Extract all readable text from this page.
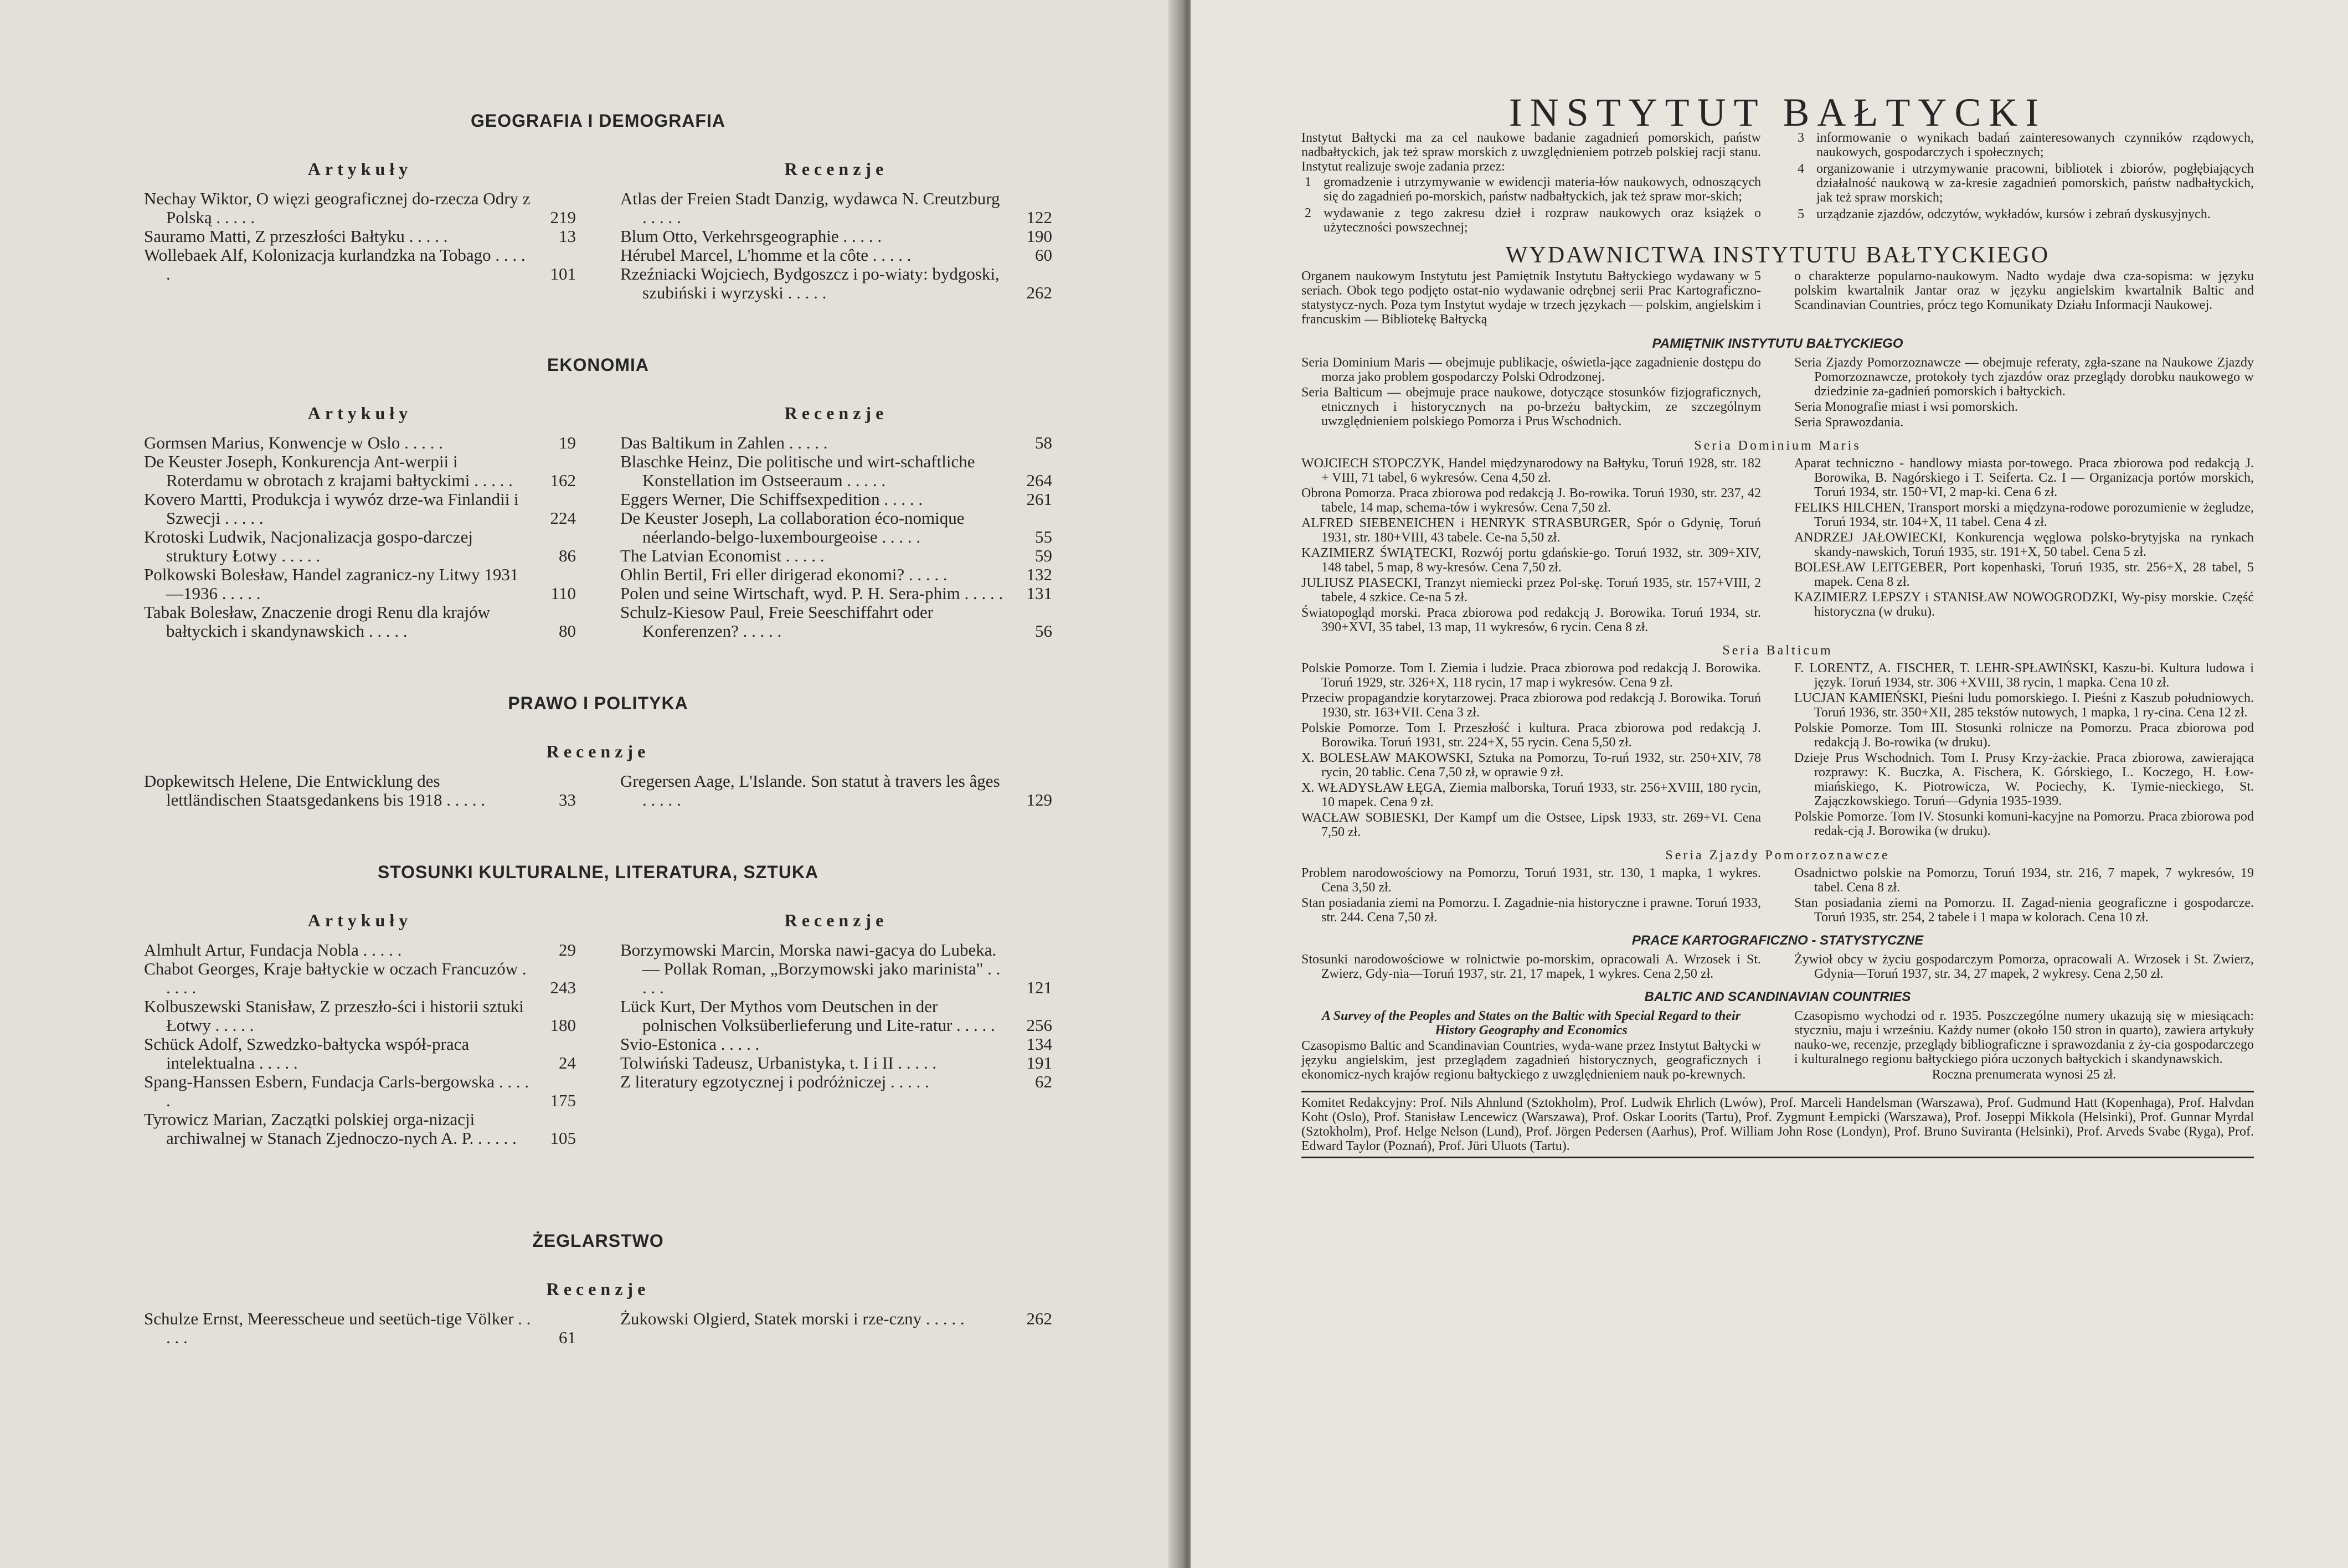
GEOGRAFIA I DEMOGRAFIA
Artykuły
Nechay Wiktor, O więzi geograficznej do-rzecza Odry z Polską . . . . .	219
Sauramo Matti, Z przeszłości Bałtyku . . . . .	13
Wollebaek Alf, Kolonizacja kurlandzka na Tobago . . . . .	101
Recenzje
Atlas der Freien Stadt Danzig, wydawca N. Creutzburg . . . . .	122
Blum Otto, Verkehrsgeographie . . . . .	190
Hérubel Marcel, L'homme et la côte . . . . .	60
Rzeźniacki Wojciech, Bydgoszcz i po-wiaty: bydgoski, szubiński i wyrzyski . . . . .	262
EKONOMIA
Artykuły
Gormsen Marius, Konwencje w Oslo . . . . .	19
De Keuster Joseph, Konkurencja Ant-werpii i Roterdamu w obrotach z krajami bałtyckimi . . . . . 162
Kovero Martti, Produkcja i wywóz drze-wa Finlandii i Szwecji . . . . .	224
Krotoski Ludwik, Nacjonalizacja gospo-darczej struktury Łotwy . . . . .	86
Polkowski Bolesław, Handel zagranicz-ny Litwy 1931—1936 . . . . .	110
Tabak Bolesław, Znaczenie drogi Renu dla krajów bałtyckich i skandynawskich . . . . .	80
Recenzje
Das Baltikum in Zahlen . . . . .	58
Blaschke Heinz, Die politische und wirt-schaftliche Konstellation im Ostseeraum . . . . .	264
Eggers Werner, Die Schiffsexpedition . . . . .	261
De Keuster Joseph, La collaboration éco-nomique néerlando-belgo-luxembourgeoise . . . . .	55
The Latvian Economist . . . . .	59
Ohlin Bertil, Fri eller dirigerad ekonomi? . . . . .	132
Polen und seine Wirtschaft, wyd. P. H. Sera-phim . . . . . 131
Schulz-Kiesow Paul, Freie Seeschiffahrt oder Konferenzen? . . . . .	56
PRAWO I POLITYKA
Recenzje
Dopkewitsch Helene, Die Entwicklung des lettländischen Staatsgedankens bis 1918 . . . . .	33
Gregersen Aage, L'Islande. Son statut à travers les âges . . . . .	129
STOSUNKI KULTURALNE, LITERATURA, SZTUKA
Artykuły
Almhult Artur, Fundacja Nobla . . . . .	29
Chabot Georges, Kraje bałtyckie w oczach Francuzów . . . . .	243
Kolbuszewski Stanisław, Z przeszło-ści i historii sztuki Łotwy . . . . .	180
Schück Adolf, Szwedzko-bałtycka współ-praca intelektualna . . . . .	24
Spang-Hanssen Esbern, Fundacja Carls-bergowska . . . . .	175
Tyrowicz Marian, Zaczątki polskiej orga-nizacji archiwalnej w Stanach Zjednoczo-nych A. P. . . . . . 105
Recenzje
Borzymowski Marcin, Morska nawi-gacya do Lubeka. — Pollak Roman, „Borzymowski jako marinista" . . . . .	121
Lück Kurt, Der Mythos vom Deutschen in der polnischen Volksüberlieferung und Lite-ratur . . . . . 256
Svio-Estonica . . . . .	134
Tolwiński Tadeusz, Urbanistyka, t. I i II . . . . .	191
Z literatury egzotycznej i podróżniczej . . . . .	62
ŻEGLARSTWO
Recenzje
Schulze Ernst, Meeresscheue und seetüch-tige Völker . . . . .	61
Żukowski Olgierd, Statek morski i rze-czny . . . . .	262
INSTYTUT BAŁTYCKI

Instytut Bałtycki ma za cel naukowe badanie zagadnień pomorskich, państw nadbałtyckich, jak też spraw morskich z uwzględnieniem potrzeb polskiej racji stanu. Instytut realizuje swoje zadania przez:

1 gromadzenie i utrzymywanie w ewidencji materia-łów naukowych, odnoszących się do zagadnień po-morskich, państw nadbałtyckich, jak też spraw mor-skich;
2 wydawanie z tego zakresu dzieł i rozpraw naukowych oraz książek o użyteczności powszechnej;
3 informowanie o wynikach badań zainteresowanych czynników rządowych, naukowych, gospodarczych i społecznych;
4 organizowanie i utrzymywanie pracowni, bibliotek i zbiorów, pogłębiających działalność naukową w za-kresie zagadnień pomorskich, państw nadbałtyckich, jak też spraw morskich;
5 urządzanie zjazdów, odczytów, wykładów, kursów i zebrań dyskusyjnych.
WYDAWNICTWA INSTYTUTU BAŁTYCKIEGO

Organem naukowym Instytutu jest Pamiętnik Instytutu Bałtyckiego wydawany w 5 seriach. Obok tego podjęto ostat-nio wydawanie odrębnej serii Prac Kartograficzno-statystycz-nych. Poza tym Instytut wydaje w trzech językach — polskim, angielskim i francuskim — Bibliotekę Bałtycką

o charakterze popularno-naukowym. Nadto wydaje dwa cza-sopisma: w języku polskim kwartalnik Jantar oraz w języku angielskim kwartalnik Baltic and Scandinavian Countries, prócz tego Komunikaty Działu Informacji Naukowej.

PAMIĘTNIK INSTYTUTU BAŁTYCKIEGO

Seria Dominium Maris — obejmuje publikacje, oświetla-jące zagadnienie dostępu do morza jako problem gospodarczy Polski Odrodzonej.

Seria Balticum — obejmuje prace naukowe, dotyczące stosunków fizjograficznych, etnicznych i historycznych na po-brzeżu bałtyckim, ze szczególnym uwzględnieniem polskiego Pomorza i Prus Wschodnich.

Seria Zjazdy Pomorzoznawcze — obejmuje referaty, zgła-szane na Naukowe Zjazdy Pomorzoznawcze, protokoły tych zjazdów oraz przeglądy dorobku naukowego w dziedzinie za-gadnień pomorskich i bałtyckich.

Seria Monografie miast i wsi pomorskich.

Seria Sprawozdania.

Seria Dominium Maris

WOJCIECH STOPCZYK, Handel międzynarodowy na Bałtyku, Toruń 1928, str. 182 + VIII, 71 tabel, 6 wykresów. Cena 4,50 zł.

Obrona Pomorza. Praca zbiorowa pod redakcją J. Bo-rowika. Toruń 1930, str. 237, 42 tabele, 14 map, schema-tów i wykresów. Cena 7,50 zł.

ALFRED SIEBENEICHEN i HENRYK STRASBURGER, Spór o Gdynię, Toruń 1931, str. 180+VIII, 43 tabele. Ce-na 5,50 zł.

KAZIMIERZ ŚWIĄTECKI, Rozwój portu gdańskie-go. Toruń 1932, str. 309+XIV, 148 tabel, 5 map, 8 wy-kresów. Cena 7,50 zł.

JULIUSZ PIASECKI, Tranzyt niemiecki przez Pol-skę. Toruń 1935, str. 157+VIII, 2 tabele, 4 szkice. Ce-na 5 zł.

Światopogląd morski. Praca zbiorowa pod redakcją J. Borowika. Toruń 1934, str. 390+XVI, 35 tabel, 13 map, 11 wykresów, 6 rycin. Cena 8 zł.

Aparat techniczno - handlowy miasta por-towego. Praca zbiorowa pod redakcją J. Borowika, B. Nagórskiego i T. Seiferta. Cz. I — Organizacja portów morskich, Toruń 1934, str. 150+VI, 2 map-ki. Cena 6 zł.

FELIKS HILCHEN, Transport morski a międzyna-rodowe porozumienie w żegludze, Toruń 1934, str. 104+X, 11 tabel. Cena 4 zł.

ANDRZEJ JAŁOWIECKI, Konkurencja węglowa polsko-brytyjska na rynkach skandy-nawskich, Toruń 1935, str. 191+X, 50 tabel. Cena 5 zł.

BOLESŁAW LEITGEBER, Port kopenhaski, Toruń 1935, str. 256+X, 28 tabel, 5 mapek. Cena 8 zł.

KAZIMIERZ LEPSZY i STANISŁAW NOWOGRODZKI, Wy-pisy morskie. Część historyczna (w druku).

Seria Balticum

Polskie Pomorze. Tom I. Ziemia i ludzie. Praca zbiorowa pod redakcją J. Borowika. Toruń 1929, str. 326+X, 118 rycin, 17 map i wykresów. Cena 9 zł.

Przeciw propagandzie korytarzowej. Praca zbiorowa pod redakcją J. Borowika. Toruń 1930, str. 163+VII. Cena 3 zł.

Polskie Pomorze. Tom I. Przeszłość i kultura. Praca zbiorowa pod redakcją J. Borowika. Toruń 1931, str. 224+X, 55 rycin. Cena 5,50 zł.

X. BOLESŁAW MAKOWSKI, Sztuka na Pomorzu, To-ruń 1932, str. 250+XIV, 78 rycin, 20 tablic. Cena 7,50 zł, w oprawie 9 zł.

X. WŁADYSŁAW ŁĘGA, Ziemia malborska, Toruń 1933, str. 256+XVIII, 180 rycin, 10 mapek. Cena 9 zł.

WACŁAW SOBIESKI, Der Kampf um die Ostsee, Lipsk 1933, str. 269+VI. Cena 7,50 zł.

F. LORENTZ, A. FISCHER, T. LEHR-SPŁAWIŃSKI, Kaszu-bi. Kultura ludowa i język. Toruń 1934, str. 306 +XVIII, 38 rycin, 1 mapka. Cena 10 zł.

LUCJAN KAMIEŃSKI, Pieśni ludu pomorskiego. I. Pieśni z Kaszub południowych. Toruń 1936, str. 350+XII, 285 tekstów nutowych, 1 mapka, 1 ry-cina. Cena 12 zł.

Polskie Pomorze. Tom III. Stosunki rolnicze na Pomorzu. Praca zbiorowa pod redakcją J. Bo-rowika (w druku).

Dzieje Prus Wschodnich. Tom I. Prusy Krzy-żackie. Praca zbiorowa, zawierająca rozprawy: K. Buczka, A. Fischera, K. Górskiego, L. Koczego, H. Łow-miańskiego, K. Piotrowicza, W. Pociechy, K. Tymie-nieckiego, St. Zajączkowskiego. Toruń—Gdynia 1935-1939.

Polskie Pomorze. Tom IV. Stosunki komuni-kacyjne na Pomorzu. Praca zbiorowa pod redak-cją J. Borowika (w druku).

Seria Zjazdy Pomorzoznawcze

Problem narodowościowy na Pomorzu, Toruń 1931, str. 130, 1 mapka, 1 wykres. Cena 3,50 zł.

Stan posiadania ziemi na Pomorzu. I. Zagadnie-nia historyczne i prawne. Toruń 1933, str. 244. Cena 7,50 zł.

Osadnictwo polskie na Pomorzu, Toruń 1934, str. 216, 7 mapek, 7 wykresów, 19 tabel. Cena 8 zł.

Stan posiadania ziemi na Pomorzu. II. Zagad-nienia geograficzne i gospodarcze. Toruń 1935, str. 254, 2 tabele i 1 mapa w kolorach. Cena 10 zł.

PRACE KARTOGRAFICZNO - STATYSTYCZNE

Stosunki narodowościowe w rolnictwie po-morskim, opracowali A. Wrzosek i St. Zwierz, Gdy-nia—Toruń 1937, str. 21, 17 mapek, 1 wykres. Cena 2,50 zł.

Żywioł obcy w życiu gospodarczym Pomorza, opracowali A. Wrzosek i St. Zwierz, Gdynia—Toruń 1937, str. 34, 27 mapek, 2 wykresy. Cena 2,50 zł.

BALTIC AND SCANDINAVIAN COUNTRIES

A Survey of the Peoples and States on the Baltic with Special Regard to their History Geography and Economics

Czasopismo Baltic and Scandinavian Countries, wyda-wane przez Instytut Bałtycki w języku angielskim, jest przeglądem zagadnień historycznych, geograficznych i ekonomicz-nych krajów regionu bałtyckiego z uwzględnieniem nauk po-krewnych.

Czasopismo wychodzi od r. 1935. Poszczególne numery ukazują się w miesiącach: styczniu, maju i wrześniu. Każdy numer (około 150 stron in quarto), zawiera artykuły nauko-we, recenzje, przeglądy bibliograficzne i sprawozdania z ży-cia gospodarczego i kulturalnego regionu bałtyckiego pióra uczonych bałtyckich i skandynawskich.

Roczna prenumerata wynosi 25 zł.

Komitet Redakcyjny: Prof. Nils Ahnlund (Sztokholm), Prof. Ludwik Ehrlich (Lwów), Prof. Marceli Handelsman (Warszawa), Prof. Gudmund Hatt (Kopenhaga), Prof. Halvdan Koht (Oslo), Prof. Stanisław Lencewicz (Warszawa), Prof. Oskar Loorits (Tartu), Prof. Zygmunt Łempicki (Warszawa), Prof. Joseppi Mikkola (Helsinki), Prof. Gunnar Myrdal (Sztokholm), Prof. Helge Nelson (Lund), Prof. Jörgen Pedersen (Aarhus), Prof. William John Rose (Londyn), Prof. Bruno Suviranta (Helsinki), Prof. Arveds Svabe (Ryga), Prof. Edward Taylor (Poznań), Prof. Jüri Uluots (Tartu).
